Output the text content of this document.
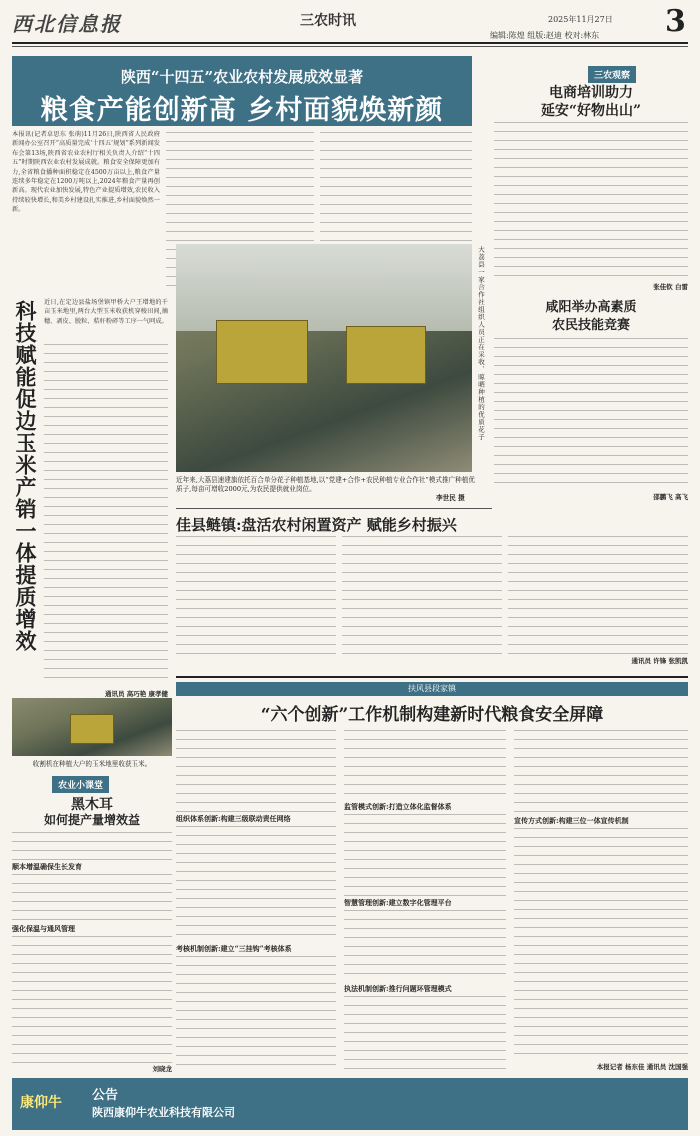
西北信息报	三农时讯	2025年11月27日 3
编辑:陈煌 组版:赵迪 校对:林东
陕西“十四五”农业农村发展成效显著
粮食产能创新高 乡村面貌焕新颜
本报讯(记者卓思东 张萌)11月26日,陕西省人民政府新闻办公室召开“高质量完成‘十四五’规划”系列新闻发布会第13场,陕西省农业农村厅相关负责人介绍“十四五”时期陕西农业农村发展成就。粮食安全保障更加有力,全省粮食播种面积稳定在4500万亩以上,粮食产量连续多年稳定在1200万吨以上,2024年粮食产量再创新高。现代农业加快发展,特色产业提质增效,农民收入持续较快增长,和美乡村建设扎实推进,乡村面貌焕然一新。
科技赋能促边玉米产销一体提质增效 近日,在定边县盐场堡镇甲桥大户王增地的千亩玉米地里,两台大型玉米收获机穿梭田间,摘穗、剥皮、脱粒、秸秆粉碎等工序一气呵成。
通讯员 高巧艳 康孝健
大荔县一家合作社组织人员正在采收、晾晒种植的优质花子
近年来,大荔县速建旗依托百合单分花子种植基地,以“党建+合作+农民种植专业合作社”模式推广种植优质子,每亩可增收2000元,为农民提供就业岗位。
李世民 摄
佳县鲢镇:盘活农村闲置资产 赋能乡村振兴
通讯员 许锋 张凯凯
三农观察
电商培训助力
延安“好物出山”
张佳钦 白雷
咸阳举办高素质
农民技能竞赛
邵鹏飞 高飞
收割机在种植大户的玉米地里收获玉米。
扶风县段家镇
“六个创新”工作机制构建新时代粮食安全屏障
组织体系创新:构建三级联动责任网络
考核机制创新:建立“三挂钩”考核体系
监管模式创新:打造立体化监督体系
智慧管理创新:建立数字化管理平台
执法机制创新:推行问题环管理模式
宣传方式创新:构建三位一体宣传机制
本报记者 杨东佳 通讯员 沈国强
农业小课堂
黑木耳
如何提产量增效益
顺本增温确保生长发育
强化保温与通风管理
刘晓龙
康仰牛 公告
陕西康仰牛农业科技有限公司
